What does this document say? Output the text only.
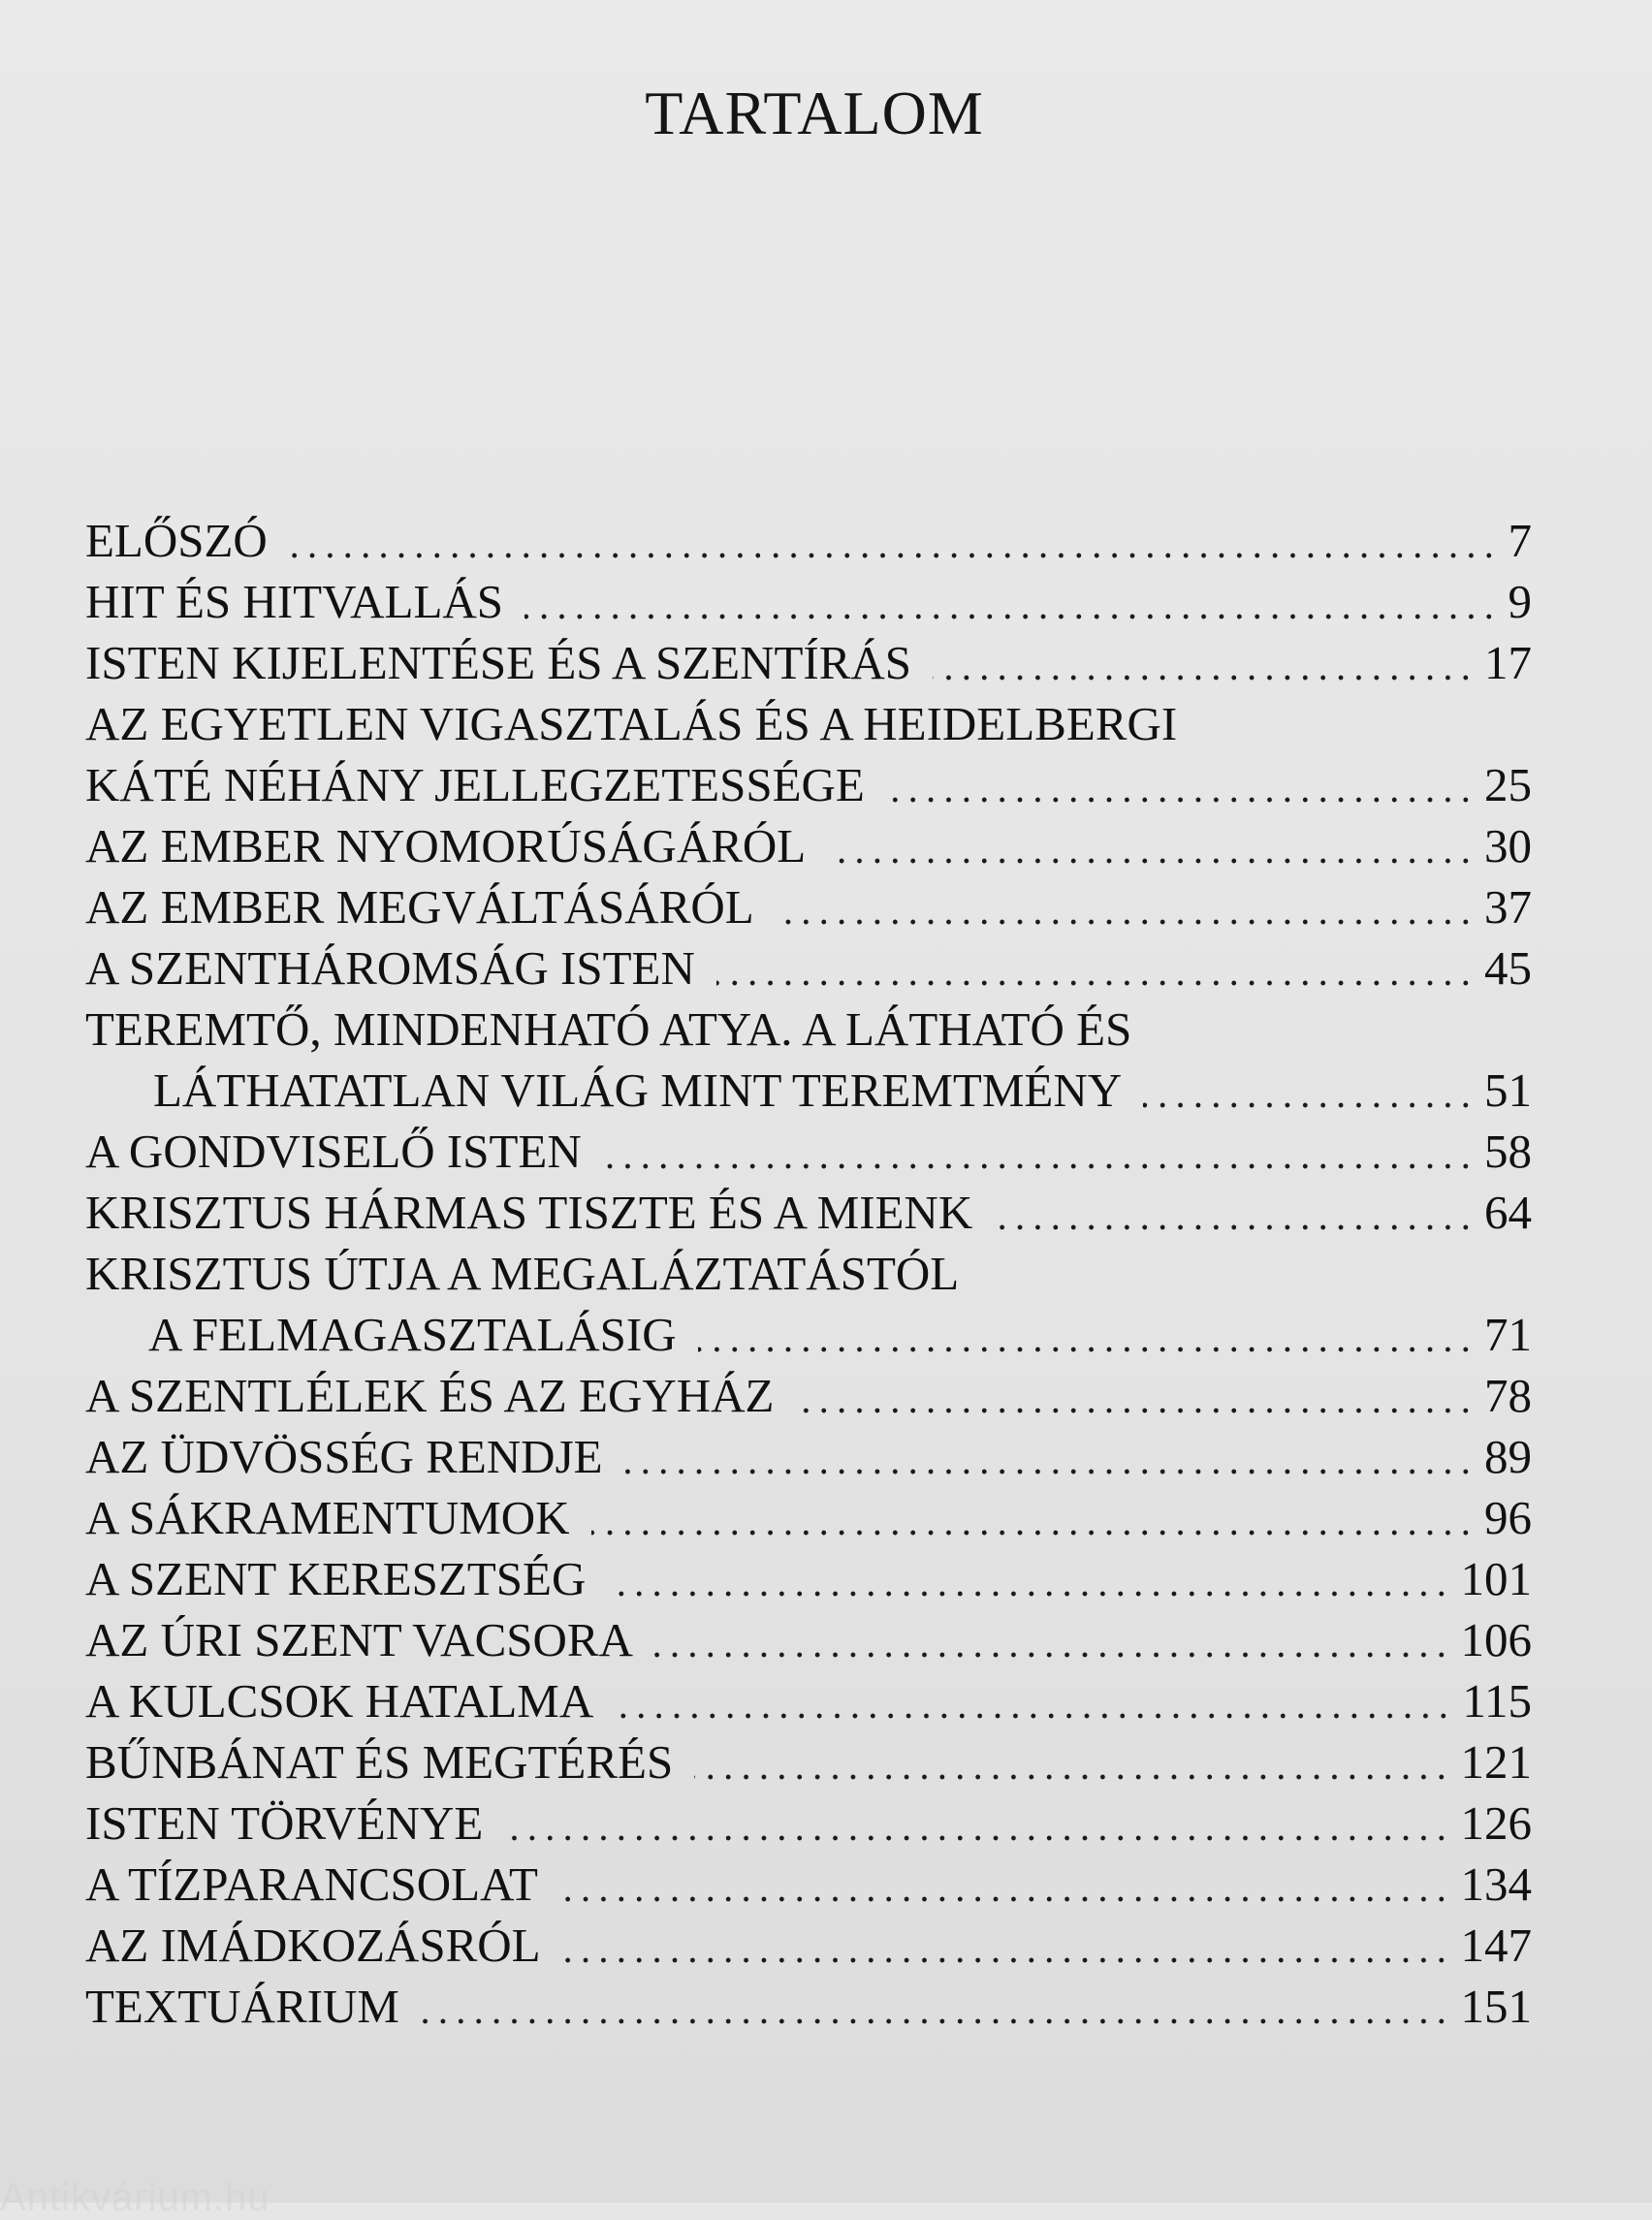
TARTALOM
ELŐSZÓ	7
HIT ÉS HITVALLÁS	9
ISTEN KIJELENTÉSE ÉS A SZENTÍRÁS	17
AZ EGYETLEN VIGASZTALÁS ÉS A HEIDELBERGI
KÁTÉ NÉHÁNY JELLEGZETESSÉGE	25
AZ EMBER NYOMORÚSÁGÁRÓL	30
AZ EMBER MEGVÁLTÁSÁRÓL	37
A SZENTHÁROMSÁG ISTEN	45
TEREMTŐ, MINDENHATÓ ATYA. A LÁTHATÓ ÉS
LÁTHATATLAN VILÁG MINT TEREMTMÉNY	51
A GONDVISELŐ ISTEN	58
KRISZTUS HÁRMAS TISZTE ÉS A MIENK	64
KRISZTUS ÚTJA A MEGALÁZTATÁSTÓL
A FELMAGASZTALÁSIG	71
A SZENTLÉLEK ÉS AZ EGYHÁZ	78
AZ ÜDVÖSSÉG RENDJE	89
A SÁKRAMENTUMOK	96
A SZENT KERESZTSÉG	101
AZ ÚRI SZENT VACSORA	106
A KULCSOK HATALMA	115
BŰNBÁNAT ÉS MEGTÉRÉS	121
ISTEN TÖRVÉNYE	126
A TÍZPARANCSOLAT	134
AZ IMÁDKOZÁSRÓL	147
TEXTUÁRIUM	151
Antikvárium.hu
